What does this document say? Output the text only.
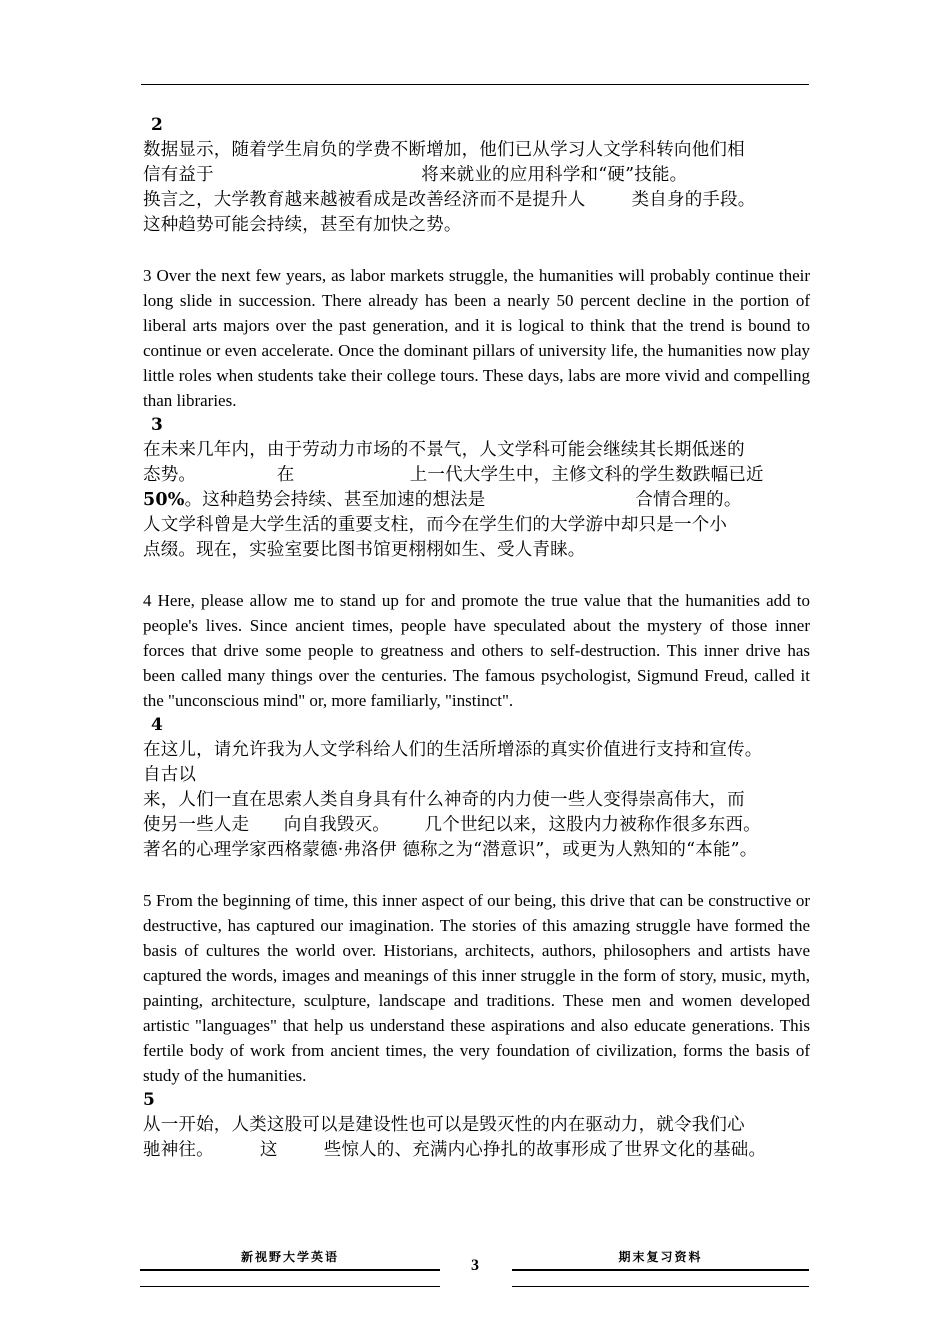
2
数据显示，随着学生肩负的学费不断增加，他们已从学习人文学科转向他们相
信有益于                                    将来就业的应用科学和“硬”技能。
换言之，大学教育越来越被看成是改善经济而不是提升人        类自身的手段。
这种趋势可能会持续，甚至有加快之势。
3 Over the next few years, as labor markets struggle, the humanities will probably continue their long slide in succession. There already has been a nearly 50 percent decline in the portion of liberal arts majors over the past generation, and it is logical to think that the trend is bound to continue or even accelerate. Once the dominant pillars of university life, the humanities now play little roles when students take their college tours. These days, labs are more vivid and compelling than libraries.
3
在未来几年内，由于劳动力市场的不景气，人文学科可能会继续其长期低迷的
态势。              在                    上一代大学生中，主修文科的学生数跌幅已近
50%。这种趋势会持续、甚至加速的想法是                          合情合理的。
人文学科曾是大学生活的重要支柱，而今在学生们的大学游中却只是一个小
点缀。现在，实验室要比图书馆更栩栩如生、受人青睐。
4 Here, please allow me to stand up for and promote the true value that the humanities add to people's lives. Since ancient times, people have speculated about the mystery of those inner forces that drive some people to greatness and others to self-destruction. This inner drive has been called many things over the centuries. The famous psychologist, Sigmund Freud, called it the "unconscious mind" or, more familiarly, "instinct".
4
在这儿，请允许我为人文学科给人们的生活所增添的真实价值进行支持和宣传。
自古以
来，人们一直在思索人类自身具有什么神奇的内力使一些人变得崇高伟大，而
使另一些人走      向自我毁灭。      几个世纪以来，这股内力被称作很多东西。
著名的心理学家西格蒙德·弗洛伊 德称之为“潜意识”，或更为人熟知的“本能”。
5 From the beginning of time, this inner aspect of our being, this drive that can be constructive or destructive, has captured our imagination. The stories of this amazing struggle have formed the basis of cultures the world over. Historians, architects, authors, philosophers and artists have captured the words, images and meanings of this inner struggle in the form of story, music, myth, painting, architecture, sculpture, landscape and traditions. These men and women developed artistic "languages" that help us understand these aspirations and also educate generations. This fertile body of work from ancient times, the very foundation of civilization, forms the basis of study of the humanities.
5
从一开始，人类这股可以是建设性也可以是毁灭性的内在驱动力，就令我们心
驰神往。        这        些惊人的、充满内心挣扎的故事形成了世界文化的基础。
新视野大学英语	3	期末复习资料
